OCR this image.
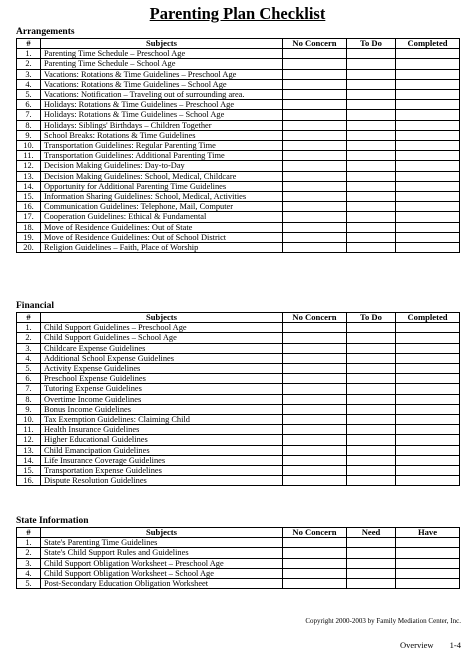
Parenting Plan Checklist
Arrangements
#	Subjects	No Concern	To Do	Completed
1.	Parenting Time Schedule – Preschool Age			
2.	Parenting Time Schedule – School Age			
3.	Vacations: Rotations & Time Guidelines – Preschool Age			
4.	Vacations: Rotations & Time Guidelines – School Age			
5.	Vacations: Notification – Traveling out of surrounding area.			
6.	Holidays: Rotations & Time Guidelines – Preschool Age			
7.	Holidays: Rotations & Time Guidelines – School Age			
8.	Holidays: Siblings' Birthdays – Children Together			
9.	School Breaks: Rotations & Time Guidelines			
10.	Transportation Guidelines: Regular Parenting Time			
11.	Transportation Guidelines: Additional Parenting Time			
12.	Decision Making Guidelines: Day-to-Day			
13.	Decision Making Guidelines: School, Medical, Childcare			
14.	Opportunity for Additional Parenting Time Guidelines			
15.	Information Sharing Guidelines: School, Medical, Activities			
16.	Communication Guidelines: Telephone, Mail, Computer			
17.	Cooperation Guidelines: Ethical & Fundamental			
18.	Move of Residence Guidelines: Out of State			
19.	Move of Residence Guidelines: Out of School District			
20.	Religion Guidelines – Faith, Place of Worship			
Financial
#	Subjects	No Concern	To Do	Completed
1.	Child Support Guidelines – Preschool Age			
2.	Child Support Guidelines – School Age			
3.	Childcare Expense Guidelines			
4.	Additional School Expense Guidelines			
5.	Activity Expense Guidelines			
6.	Preschool Expense Guidelines			
7.	Tutoring Expense Guidelines			
8.	Overtime Income Guidelines			
9.	Bonus Income Guidelines			
10.	Tax Exemption Guidelines: Claiming Child			
11.	Health Insurance Guidelines			
12.	Higher Educational Guidelines			
13.	Child Emancipation Guidelines			
14.	Life Insurance Coverage Guidelines			
15.	Transportation Expense Guidelines			
16.	Dispute Resolution Guidelines			
State Information
#	Subjects	No Concern	Need	Have
1.	State's Parenting Time Guidelines			
2.	State's Child Support Rules and Guidelines			
3.	Child Support Obligation Worksheet – Preschool Age			
4.	Child Support Obligation Worksheet – School Age			
5.	Post-Secondary Education Obligation Worksheet			
Copyright 2000-2003 by Family Mediation Center, Inc.
Overview 1-4
